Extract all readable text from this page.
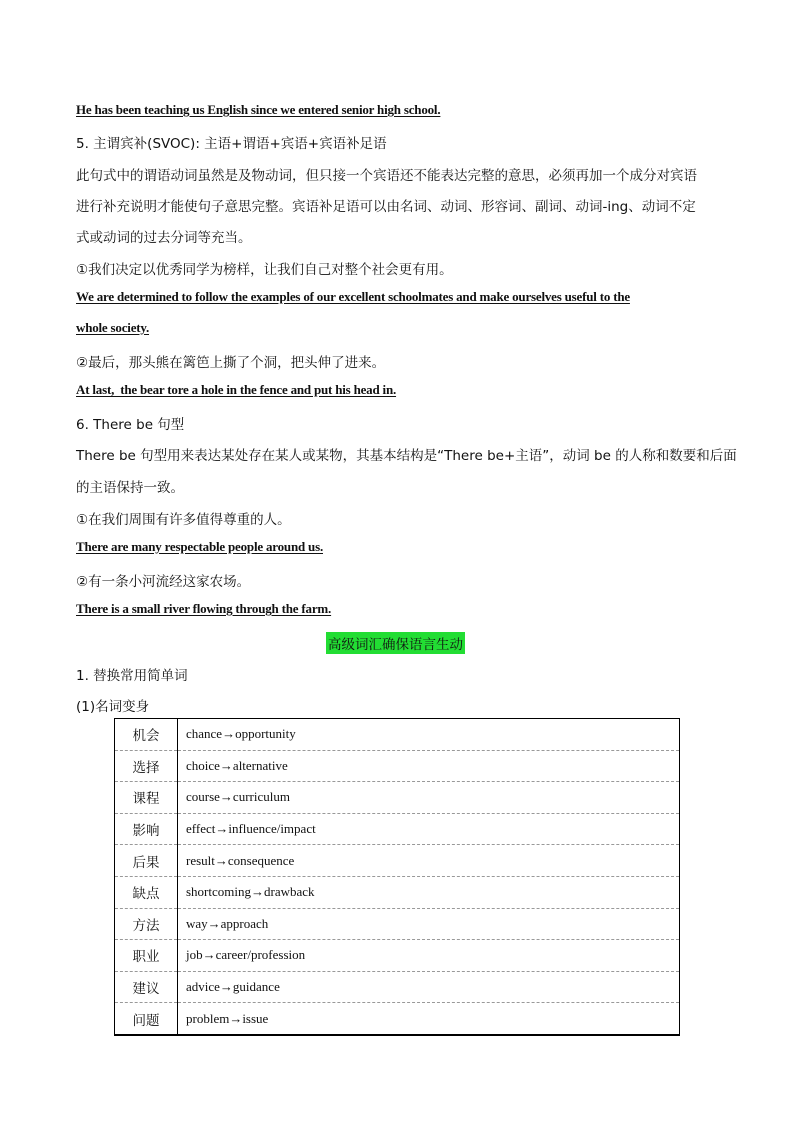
He has been teaching us English since we entered senior high school.
5. 主谓宾补(SVOC): 主语+谓语+宾语+宾语补足语
此句式中的谓语动词虽然是及物动词，但只接一个宾语还不能表达完整的意思，必须再加一个成分对宾语
进行补充说明才能使句子意思完整。宾语补足语可以由名词、动词、形容词、副词、动词-ing、动词不定
式或动词的过去分词等充当。
①我们决定以优秀同学为榜样，让我们自己对整个社会更有用。
We are determined to follow the examples of our excellent schoolmates and make ourselves useful to the
whole society.
②最后，那头熊在篱笆上撕了个洞，把头伸了进来。
At last,  the bear tore a hole in the fence and put his head in.
6. There be 句型
There be 句型用来表达某处存在某人或某物，其基本结构是“There be+主语”，动词 be 的人称和数要和后面
的主语保持一致。
①在我们周围有许多值得尊重的人。
There are many respectable people around us.
②有一条小河流经这家农场。
There is a small river flowing through the farm.
高级词汇确保语言生动
1. 替换常用简单词
(1)名词变身
机会	chance→opportunity
选择	choice→alternative
课程	course→curriculum
影响	effect→influence/impact
后果	result→consequence
缺点	shortcoming→drawback
方法	way→approach
职业	job→career/profession
建议	advice→guidance
问题	problem→issue
